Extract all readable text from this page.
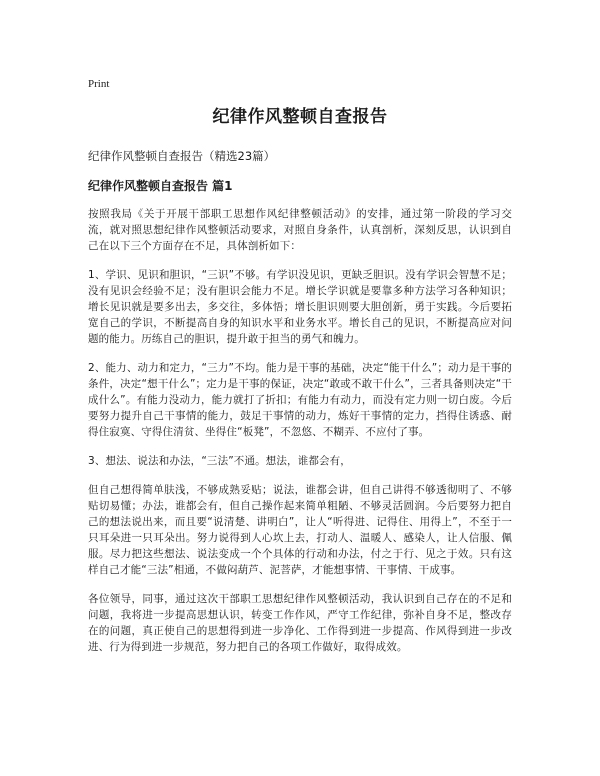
Print
纪律作风整顿自查报告
纪律作风整顿自查报告（精选23篇）
纪律作风整顿自查报告 篇1

按照我局《关于开展干部职工思想作风纪律整顿活动》的安排，通过第一阶段的学习交流，就对照思想纪律作风整顿活动要求，对照自身条件，认真剖析，深刻反思，认识到自己在以下三个方面存在不足，具体剖析如下：

1、学识、见识和胆识，“三识”不够。有学识没见识，更缺乏胆识。没有学识会智慧不足；没有见识会经验不足；没有胆识会能力不足。增长学识就是要靠多种方法学习各种知识；增长见识就是要多出去，多交往，多体悟；增长胆识则要大胆创新，勇于实践。今后要拓宽自己的学识，不断提高自身的知识水平和业务水平。增长自己的见识，不断提高应对问题的能力。历练自己的胆识，提升敢于担当的勇气和魄力。

2、能力、动力和定力，“三力”不均。能力是干事的基础，决定“能干什么”；动力是干事的条件，决定“想干什么”；定力是干事的保证，决定“敢或不敢干什么”，三者具备则决定“干成什么”。有能力没动力，能力就打了折扣；有能力有动力，而没有定力则一切白废。今后要努力提升自己干事情的能力，鼓足干事情的动力，炼好干事情的定力，挡得住诱惑、耐得住寂寞、守得住清贫、坐得住“板凳”，不忽悠、不糊弄、不应付了事。

3、想法、说法和办法，“三法”不通。想法，谁都会有，

但自己想得简单肤浅，不够成熟妥贴；说法，谁都会讲，但自己讲得不够透彻明了、不够贴切易懂；办法，谁都会有，但自己操作起来简单粗陋、不够灵活圆润。今后要努力把自己的想法说出来，而且要“说清楚、讲明白”，让人“听得进、记得住、用得上”，不至于一只耳朵进一只耳朵出。努力说得到人心坎上去，打动人、温暖人、感染人，让人信服、佩服。尽力把这些想法、说法变成一个个具体的行动和办法，付之于行、见之于效。只有这样自己才能“三法”相通，不做闷葫芦、泥菩萨，才能想事情、干事情、干成事。

各位领导，同事，通过这次干部职工思想纪律作风整顿活动，我认识到自己存在的不足和问题，我将进一步提高思想认识，转变工作作风，严守工作纪律，弥补自身不足，整改存在的问题，真正使自己的思想得到进一步净化、工作得到进一步提高、作风得到进一步改进、行为得到进一步规范，努力把自己的各项工作做好，取得成效。
